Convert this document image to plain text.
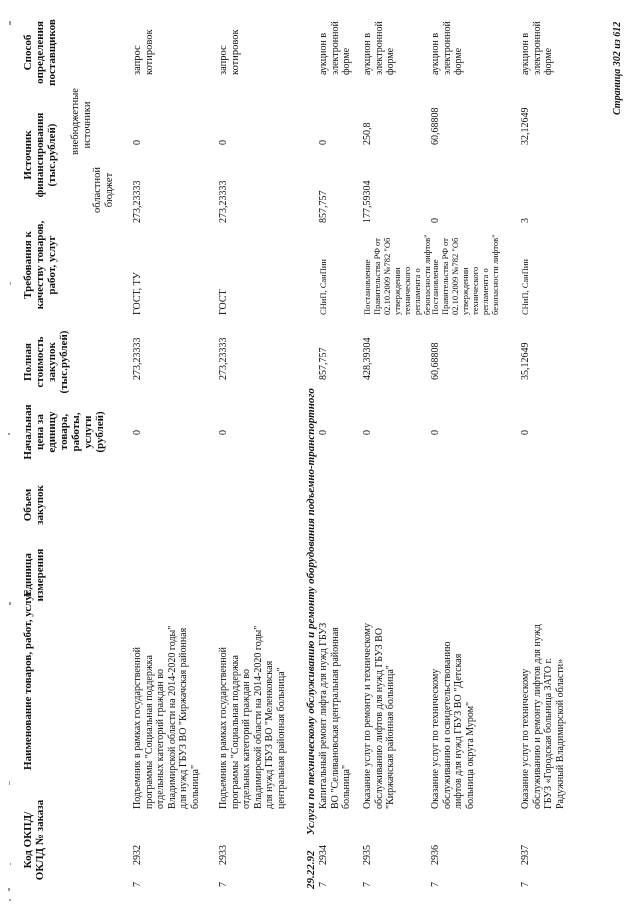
Код ОКПД/ ОКЛД № заказа
Наименование товаров, работ, услуг
Единица измерения
Объем закупок
Начальная цена за единицу товара, работы, услуги (рублей)
Полная стоимость закупок (тыс.рублей)
Требования к качеству товаров, работ, услуг
Источник финансирования (тыс.рублей)
областной бюджет
внебюджетные источники
Способ определения поставщиков
7
2932
Подъемник в рамках государственной программы "Социальная поддержка отдельных категорий граждан во Владимирской области на 2014-2020 годы" для нужд ГБУЗ ВО "Киржачская районная больница"
0
273,23333
ГОСТ, ТУ
273,23333
0
запрос котировок
7
2933
Подъемник в рамках государственной программы "Социальная поддержка отдельных категорий граждан во Владимирской области на 2014-2020 годы" для нужд ГБУЗ ВО "Меленковская центральная районная больница"
0
273,23333
ГОСТ
273,23333
0
запрос котировок
29.22.92
Услуги по техническому обслуживанию и ремонту оборудования подъемно-транспортного
7
2934
Капитальный ремонт лифта для нужд ГБУЗ ВО "Селивановская центральная районная больница"
0
857,757
СНиП, СанПин
857,757
0
аукцион в электронной форме
7
2935
Оказание услуг по ремонту и техническому обслуживанию лифтов для нужд ГБУЗ ВО "Киржачская районная больница"
0
428,39304
Постановление Правительства РФ от 02.10.2009 №782 "Об утверждении технического регламента о безопасности лифтов"
177,59304
250,8
аукцион в электронной форме
7
2936
Оказание услуг по техническому обслуживанию и освидетельствованию лифтов для нужд ГБУЗ ВО "Детская больница округа Муром"
0
60,68808
Постановление Правительства РФ от 02.10.2009 №782 "Об утверждении технического регламента о безопасности лифтов"
0
60,68808
аукцион в электронной форме
7
2937
Оказание услуг по техническому обслуживанию и ремонту лифтов для нужд ГБУЗ «Городская больница ЗАТО г. Радужный Владимирской области»
0
35,12649
СНиП, СанПин
3
32,12649
аукцион в электронной форме	Страница 302 из 612
